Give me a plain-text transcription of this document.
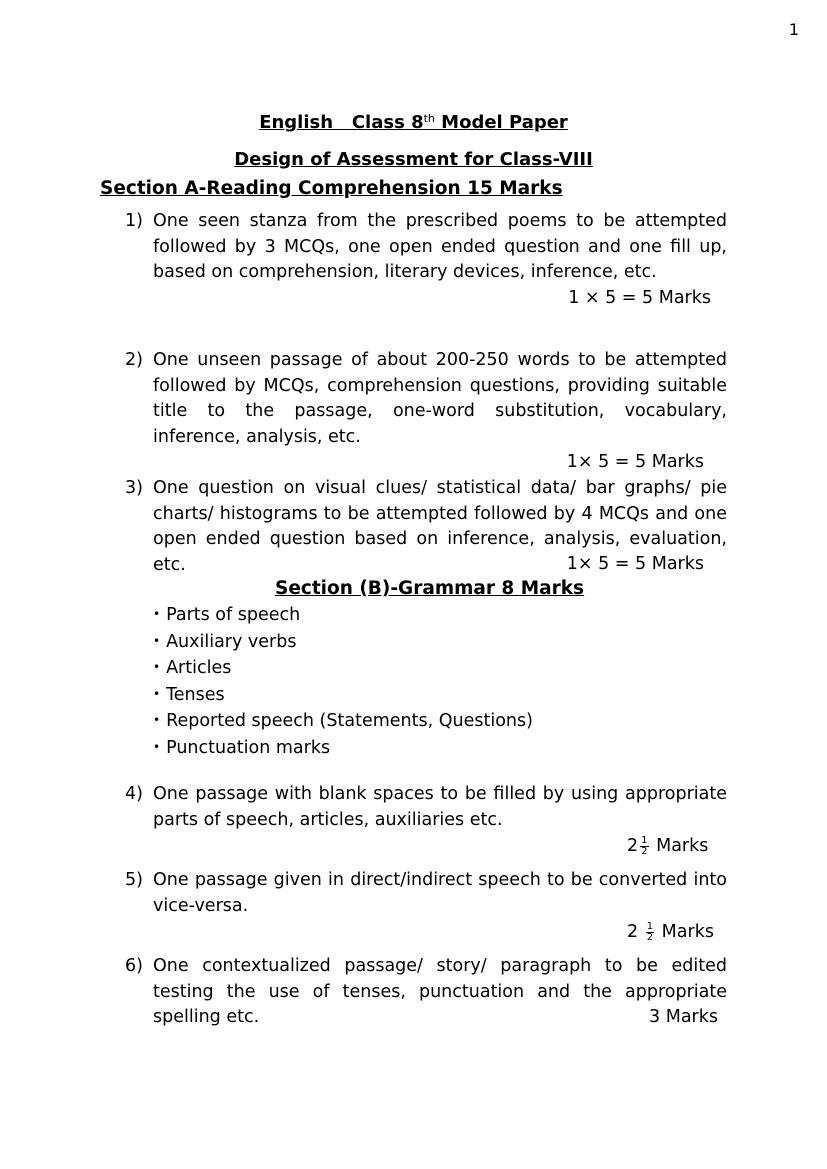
1
English   Class 8th Model Paper
Design of Assessment for Class-VIII
Section A-Reading Comprehension 15 Marks
1) One seen stanza from the prescribed poems to be attempted followed by 3 MCQs, one open ended question and one fill up, based on comprehension, literary devices, inference, etc.
1 × 5 = 5 Marks
2) One unseen passage of about 200-250 words to be attempted followed by MCQs, comprehension questions, providing suitable title to the passage, one-word substitution, vocabulary, inference, analysis, etc.
1× 5 = 5 Marks
3) One question on visual clues/ statistical data/ bar graphs/ pie charts/ histograms to be attempted followed by 4 MCQs and one open ended question based on inference, analysis, evaluation, etc.	1× 5 = 5 Marks
Section (B)-Grammar 8 Marks
• Parts of speech
• Auxiliary verbs
• Articles
• Tenses
• Reported speech (Statements, Questions)
• Punctuation marks
4) One passage with blank spaces to be filled by using appropriate parts of speech, articles, auxiliaries etc.
$2 \frac{1}{2}$ Marks
5) One passage given in direct/indirect speech to be converted into vice-versa.
$2 \frac{1}{2}$ Marks
6) One contextualized passage/ story/ paragraph to be edited testing the use of tenses, punctuation and the appropriate spelling etc.	3 Marks
